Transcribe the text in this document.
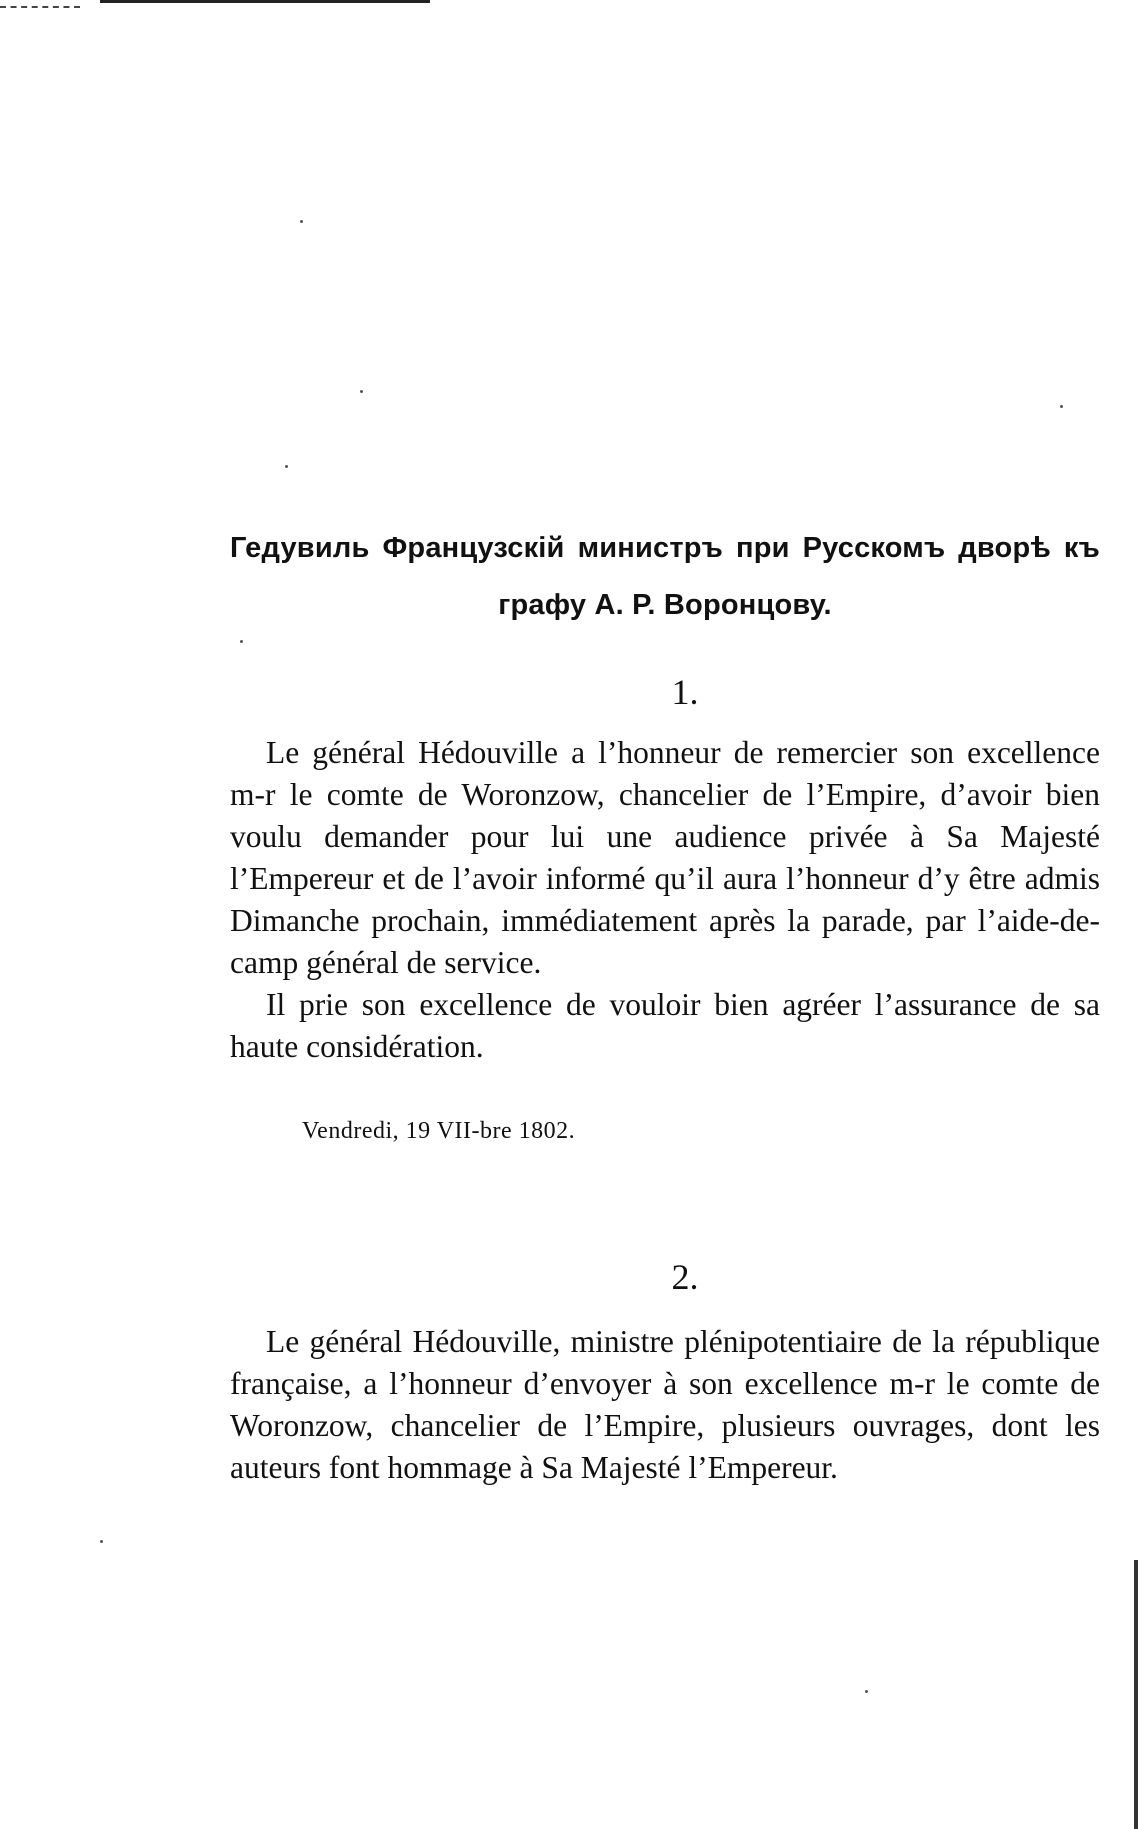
Гедувиль Французскій министръ при Русскомъ дворѣ къ
графу А. Р. Воронцову.
1.

Le général Hédouville a l’honneur de remercier son excellence m-r le comte de Woronzow, chancelier de l’Empire, d’avoir bien voulu demander pour lui une audience privée à Sa Majesté l’Empereur et de l’avoir informé qu’il aura l’honneur d’y être admis Dimanche prochain, immédiatement après la parade, par l’aide-de-camp général de service.

Il prie son excellence de vouloir bien agréer l’assurance de sa haute considération.

Vendredi, 19 VII-bre 1802.
2.

Le général Hédouville, ministre plénipotentiaire de la république française, a l’honneur d’envoyer à son excellence m-r le comte de Woronzow, chancelier de l’Empire, plusieurs ouvrages, dont les auteurs font hommage à Sa Majesté l’Empereur.
